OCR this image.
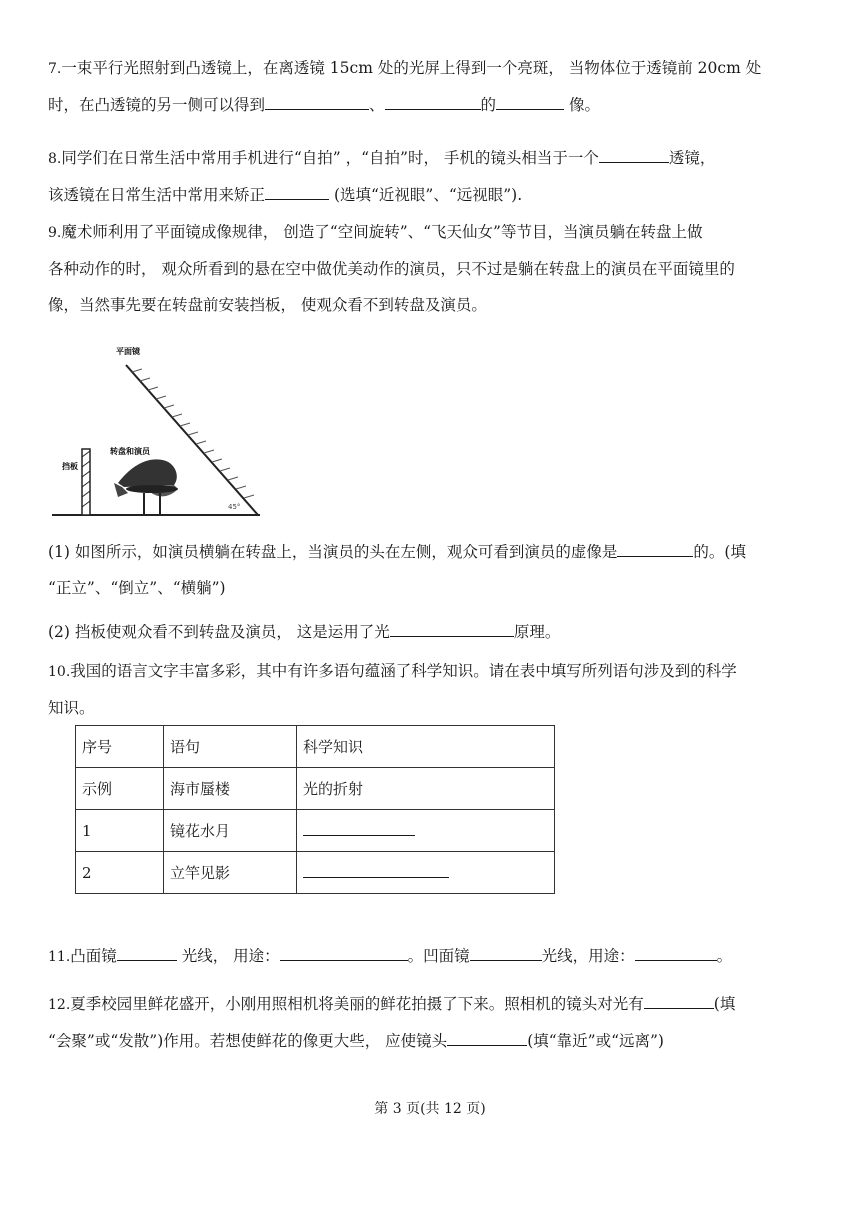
7.一束平行光照射到凸透镜上，在离透镜 15cm 处的光屏上得到一个亮斑， 当物体位于透镜前 20cm 处
时，在凸透镜的另一侧可以得到	、	的	像。
8.同学们在日常生活中常用手机进行“自拍” ，“自拍”时， 手机的镜头相当于一个	透镜，
该透镜在日常生活中常用来矫正	(选填“近视眼”、“远视眼”).
9.魔术师利用了平面镜成像规律， 创造了“空间旋转”、“飞天仙女”等节目，当演员躺在转盘上做
各种动作的时， 观众所看到的悬在空中做优美动作的演员，只不过是躺在转盘上的演员在平面镜里的
像，当然事先要在转盘前安装挡板， 使观众看不到转盘及演员。
平面镜
45°
转盘和演员
挡板
(1) 如图所示，如演员横躺在转盘上，当演员的头在左侧，观众可看到演员的虚像是	的。(填
“正立”、“倒立”、“横躺”)
(2) 挡板使观众看不到转盘及演员， 这是运用了光	原理。
10.我国的语言文字丰富多彩，其中有许多语句蕴涵了科学知识。请在表中填写所列语句涉及到的科学
知识。
序号	语句	科学知识
示例	海市蜃楼	光的折射
1	镜花水月	
2	立竿见影	
11.凸面镜	光线， 用途：	。凹面镜	光线，用途：	。
12.夏季校园里鲜花盛开，小刚用照相机将美丽的鲜花拍摄了下来。照相机的镜头对光有	(填
“会聚”或“发散”)作用。若想使鲜花的像更大些， 应使镜头	(填“靠近”或“远离”)
第 3 页(共 12 页)
